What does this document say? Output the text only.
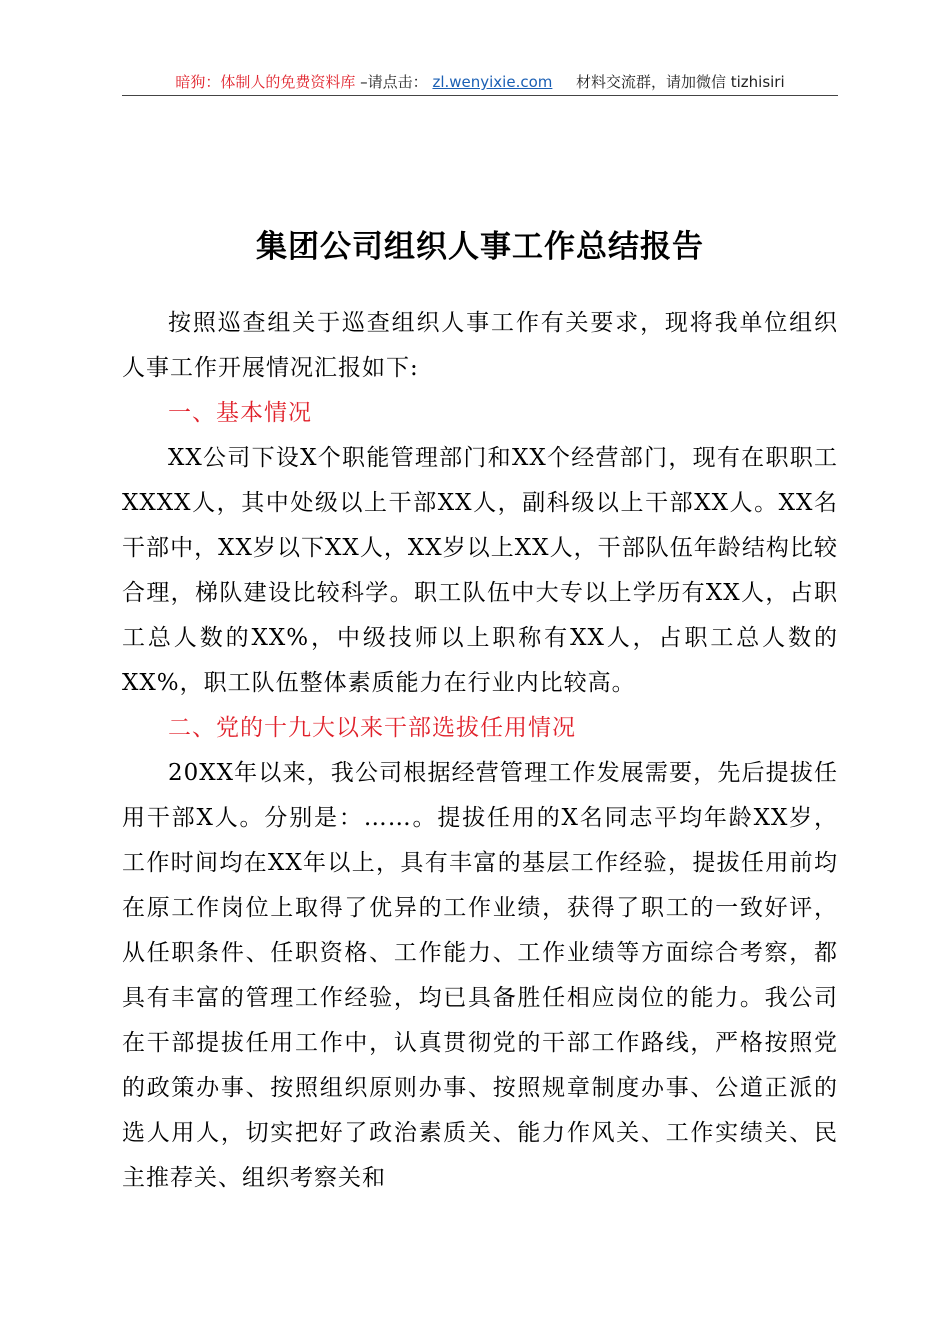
暗狗：体制人的免费资料库 –请点击： zl.wenyixie.com 材料交流群，请加微信 tizhisiri
集团公司组织人事工作总结报告

按照巡查组关于巡查组织人事工作有关要求，现将我单位组织人事工作开展情况汇报如下:

一、基本情况

XX公司下设X个职能管理部门和XX个经营部门，现有在职职工XXXX人，其中处级以上干部XX人，副科级以上干部XX人。XX名干部中，XX岁以下XX人，XX岁以上XX人，干部队伍年龄结构比较合理，梯队建设比较科学。职工队伍中大专以上学历有XX人，占职工总人数的XX%，中级技师以上职称有XX人，占职工总人数的XX%，职工队伍整体素质能力在行业内比较高。

二、党的十九大以来干部选拔任用情况

20XX年以来，我公司根据经营管理工作发展需要，先后提拔任用干部X人。分别是：……。提拔任用的X名同志平均年龄XX岁，工作时间均在XX年以上，具有丰富的基层工作经验，提拔任用前均在原工作岗位上取得了优异的工作业绩，获得了职工的一致好评，从任职条件、任职资格、工作能力、工作业绩等方面综合考察，都具有丰富的管理工作经验，均已具备胜任相应岗位的能力。我公司在干部提拔任用工作中，认真贯彻党的干部工作路线，严格按照党的政策办事、按照组织原则办事、按照规章制度办事、公道正派的选人用人，切实把好了政治素质关、能力作风关、工作实绩关、民主推荐关、组织考察关和
